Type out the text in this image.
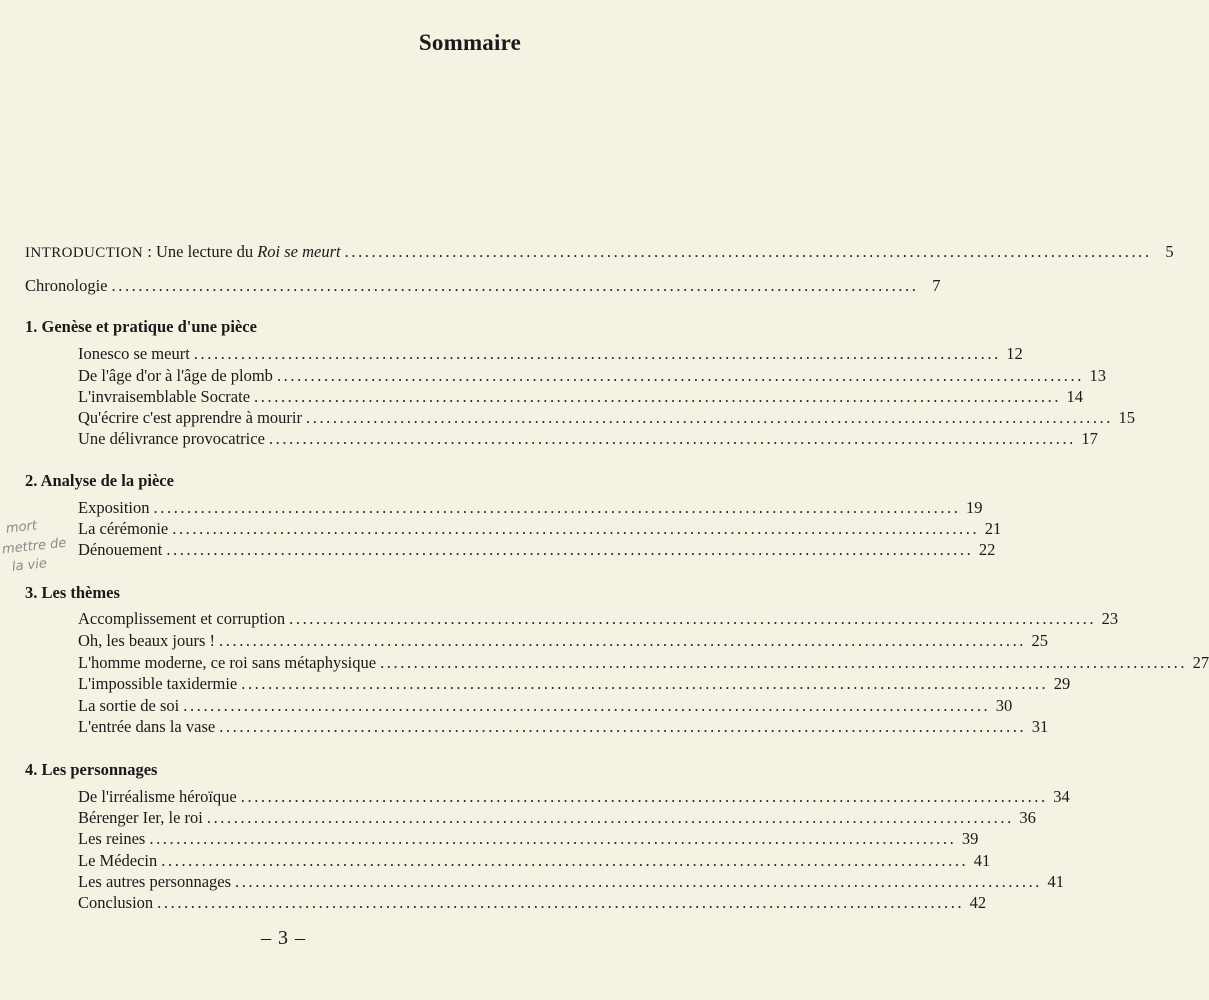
Sommaire
INTRODUCTION : Une lecture du Roi se meurt ........................................................................................................................ 5
Chronologie ........................................................................................................................ 7
1. Genèse et pratique d'une pièce
Ionesco se meurt ........................................................................................................................ 12
De l'âge d'or à l'âge de plomb ........................................................................................................................ 13
L'invraisemblable Socrate ........................................................................................................................ 14
Qu'écrire c'est apprendre à mourir ........................................................................................................................ 15
Une délivrance provocatrice ........................................................................................................................ 17
2. Analyse de la pièce
Exposition ........................................................................................................................ 19
La cérémonie ........................................................................................................................ 21
Dénouement ........................................................................................................................ 22
3. Les thèmes
Accomplissement et corruption ........................................................................................................................ 23
Oh, les beaux jours ! ........................................................................................................................ 25
L'homme moderne, ce roi sans métaphysique ........................................................................................................................ 27
L'impossible taxidermie ........................................................................................................................ 29
La sortie de soi ........................................................................................................................ 30
L'entrée dans la vase ........................................................................................................................ 31
4. Les personnages
De l'irréalisme héroïque ........................................................................................................................ 34
Bérenger Ier, le roi ........................................................................................................................ 36
Les reines ........................................................................................................................ 39
Le Médecin ........................................................................................................................ 41
Les autres personnages ........................................................................................................................ 41
Conclusion ........................................................................................................................ 42
mort
mettre de
la vie
– 3 –
